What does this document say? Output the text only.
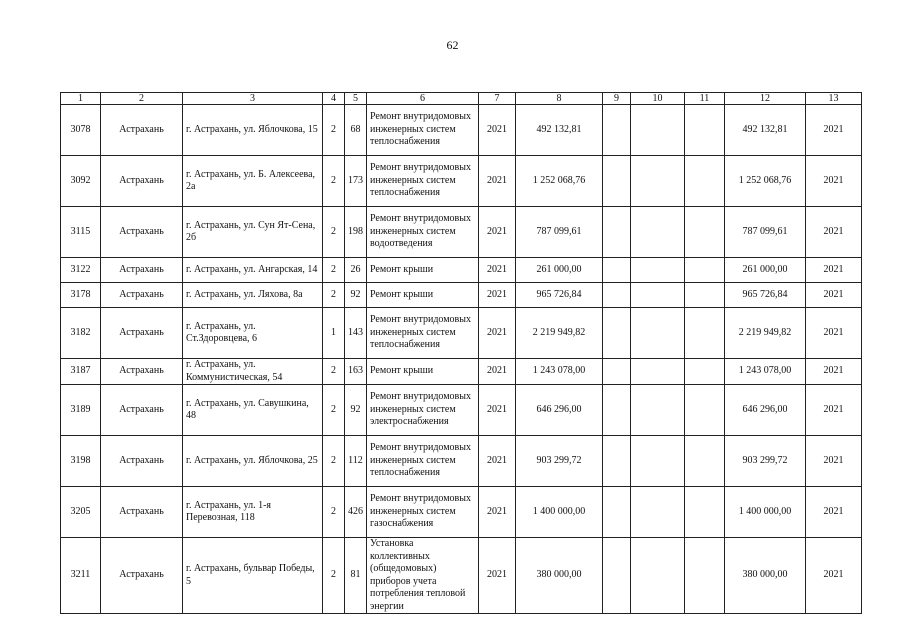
62
1	2	3	4	5	6	7	8	9	10	11	12	13
3078	Астрахань	г. Астрахань, ул. Яблочкова, 15	2	68	Ремонт внутридомовых инженерных систем теплоснабжения	2021	492 132,81				492 132,81	2021
3092	Астрахань	г. Астрахань, ул. Б. Алексеева, 2а	2	173	Ремонт внутридомовых инженерных систем теплоснабжения	2021	1 252 068,76				1 252 068,76	2021
3115	Астрахань	г. Астрахань, ул. Сун Ят-Сена, 2б	2	198	Ремонт внутридомовых инженерных систем водоотведения	2021	787 099,61				787 099,61	2021
3122	Астрахань	г. Астрахань, ул. Ангарская, 14	2	26	Ремонт крыши	2021	261 000,00				261 000,00	2021
3178	Астрахань	г. Астрахань, ул. Ляхова, 8а	2	92	Ремонт крыши	2021	965 726,84				965 726,84	2021
3182	Астрахань	г. Астрахань, ул. Ст.Здоровцева, 6	1	143	Ремонт внутридомовых инженерных систем теплоснабжения	2021	2 219 949,82				2 219 949,82	2021
3187	Астрахань	г. Астрахань, ул. Коммунистическая, 54	2	163	Ремонт крыши	2021	1 243 078,00				1 243 078,00	2021
3189	Астрахань	г. Астрахань, ул. Савушкина, 48	2	92	Ремонт внутридомовых инженерных систем электроснабжения	2021	646 296,00				646 296,00	2021
3198	Астрахань	г. Астрахань, ул. Яблочкова, 25	2	112	Ремонт внутридомовых инженерных систем теплоснабжения	2021	903 299,72				903 299,72	2021
3205	Астрахань	г. Астрахань, ул. 1-я Перевозная, 118	2	426	Ремонт внутридомовых инженерных систем газоснабжения	2021	1 400 000,00				1 400 000,00	2021
3211	Астрахань	г. Астрахань, бульвар Победы, 5	2	81	Установка коллективных (общедомовых) приборов учета потребления тепловой энергии	2021	380 000,00				380 000,00	2021
